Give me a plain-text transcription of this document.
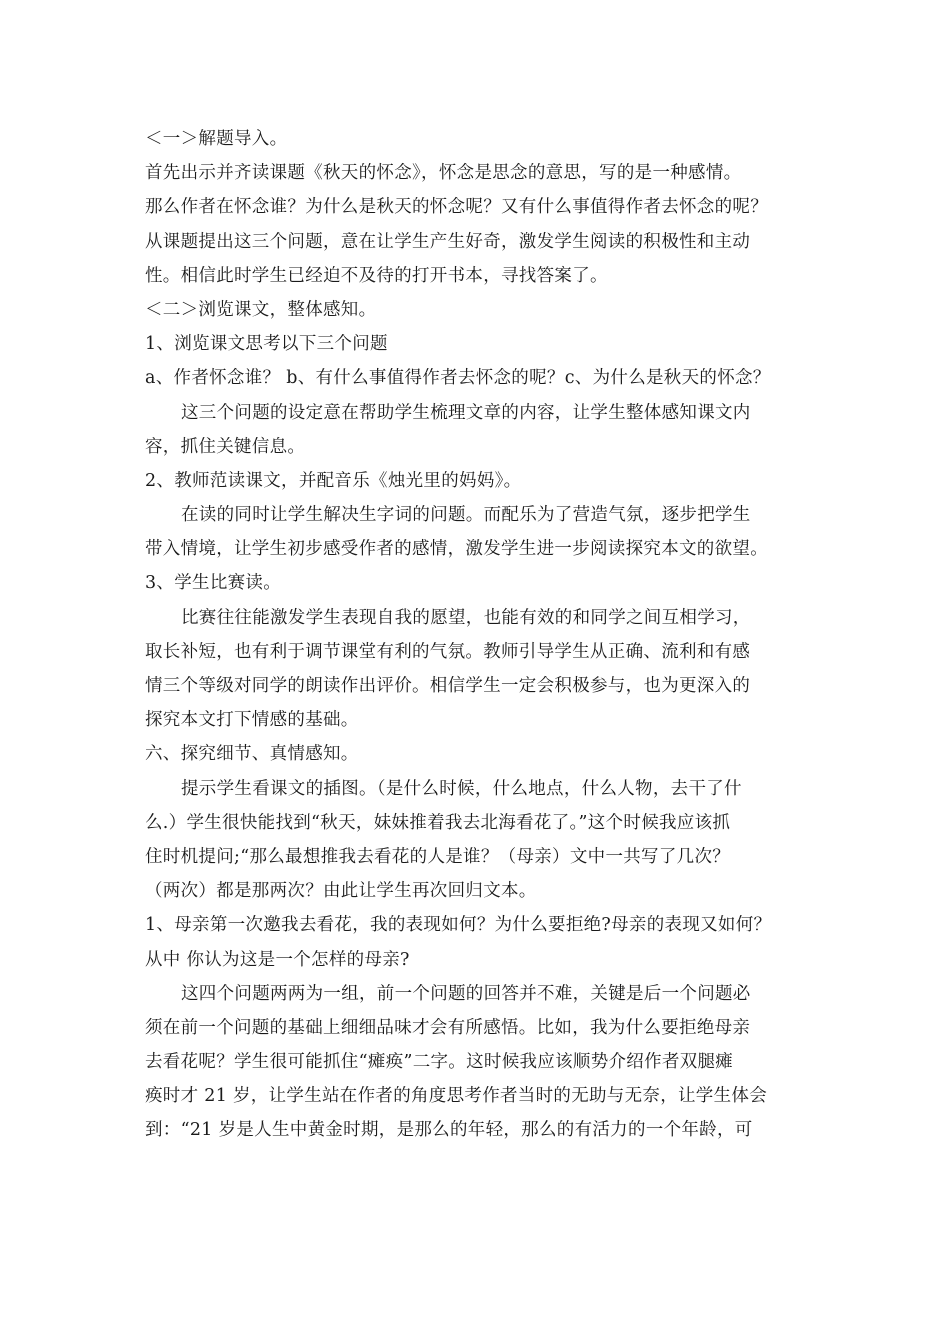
＜一＞解题导入。
首先出示并齐读课题《秋天的怀念》，怀念是思念的意思，写的是一种感情。
那么作者在怀念谁？为什么是秋天的怀念呢？又有什么事值得作者去怀念的呢？
从课题提出这三个问题，意在让学生产生好奇，激发学生阅读的积极性和主动
性。相信此时学生已经迫不及待的打开书本，寻找答案了。
＜二＞浏览课文，整体感知。
1、浏览课文思考以下三个问题
a、作者怀念谁？ b、有什么事值得作者去怀念的呢？c、为什么是秋天的怀念？
这三个问题的设定意在帮助学生梳理文章的内容，让学生整体感知课文内
容，抓住关键信息。
2、教师范读课文，并配音乐《烛光里的妈妈》。
在读的同时让学生解决生字词的问题。而配乐为了营造气氛，逐步把学生
带入情境，让学生初步感受作者的感情，激发学生进一步阅读探究本文的欲望。
3、学生比赛读。
比赛往往能激发学生表现自我的愿望，也能有效的和同学之间互相学习，
取长补短，也有利于调节课堂有利的气氛。教师引导学生从正确、流利和有感
情三个等级对同学的朗读作出评价。相信学生一定会积极参与，也为更深入的
探究本文打下情感的基础。
六、探究细节、真情感知。
提示学生看课文的插图。（是什么时候，什么地点，什么人物，去干了什
么.）学生很快能找到“秋天，妹妹推着我去北海看花了。”这个时候我应该抓
住时机提问;“那么最想推我去看花的人是谁？（母亲）文中一共写了几次？
（两次）都是那两次？由此让学生再次回归文本。
1、母亲第一次邀我去看花，我的表现如何？为什么要拒绝?母亲的表现又如何？
从中 你认为这是一个怎样的母亲?
这四个问题两两为一组，前一个问题的回答并不难，关键是后一个问题必
须在前一个问题的基础上细细品味才会有所感悟。比如，我为什么要拒绝母亲
去看花呢？学生很可能抓住“瘫痪”二字。这时候我应该顺势介绍作者双腿瘫
痪时才 21 岁，让学生站在作者的角度思考作者当时的无助与无奈，让学生体会
到：“21 岁是人生中黄金时期，是那么的年轻，那么的有活力的一个年龄，可
